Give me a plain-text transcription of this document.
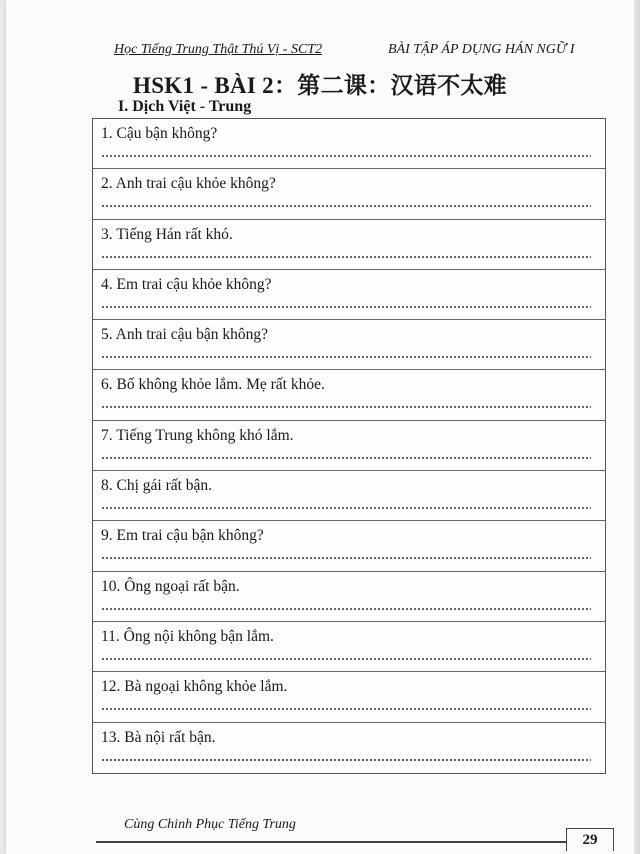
Học Tiếng Trung Thật Thú Vị - SCT2	BÀI TẬP ÁP DỤNG HÁN NGỮ I
HSK1 - BÀI 2：第二课：汉语不太难
I. Dịch Việt - Trung
1. Cậu bận không?
2. Anh trai cậu khỏe không?
3. Tiếng Hán rất khó.
4. Em trai cậu khỏe không?
5. Anh trai cậu bận không?
6. Bố không khỏe lắm. Mẹ rất khỏe.
7. Tiếng Trung không khó lắm.
8. Chị gái rất bận.
9. Em trai cậu bận không?
10. Ông ngoại rất bận.
11. Ông nội không bận lắm.
12. Bà ngoại không khỏe lắm.
13. Bà nội rất bận.
Cùng Chinh Phục Tiếng Trung
29
